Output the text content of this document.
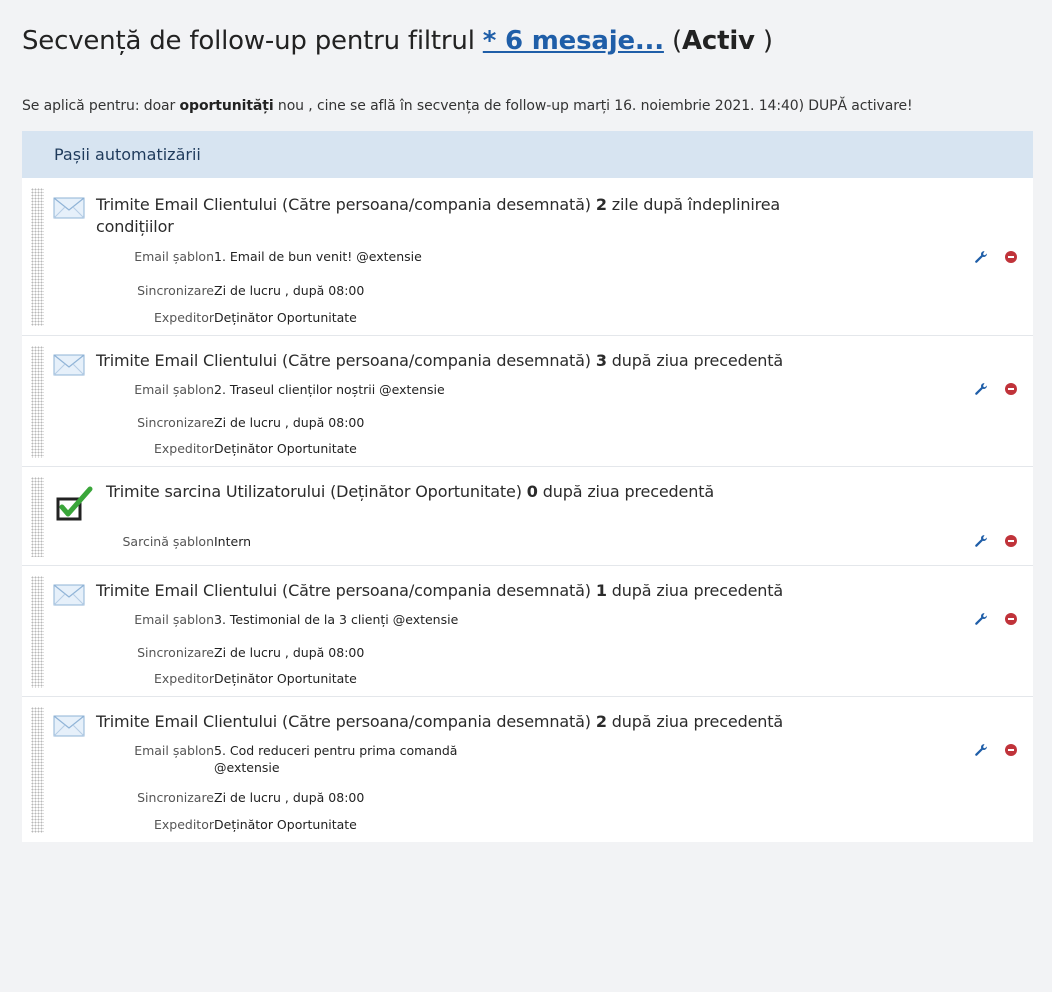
Secvență de follow-up pentru filtrul * 6 mesaje... (Activ )
Se aplică pentru: doar oportunități nou , cine se află în secvența de follow-up marți 16. noiembrie 2021. 14:40) DUPĂ activare!
Pașii automatizării
Trimite Email Clientului (Către persoana/compania desemnată) 2 zile după îndeplinirea condițiilor
Email șablon 1. Email de bun venit! @extensie
Sincronizare Zi de lucru , după 08:00
Expeditor Deținător Oportunitate
Trimite Email Clientului (Către persoana/compania desemnată) 3 după ziua precedentă
Email șablon 2. Traseul clienților noștrii @extensie
Sincronizare Zi de lucru , după 08:00
Expeditor Deținător Oportunitate
Trimite sarcina Utilizatorului (Deținător Oportunitate) 0 după ziua precedentă
Sarcină șablon Intern
Trimite Email Clientului (Către persoana/compania desemnată) 1 după ziua precedentă
Email șablon 3. Testimonial de la 3 clienți @extensie
Sincronizare Zi de lucru , după 08:00
Expeditor Deținător Oportunitate
Trimite Email Clientului (Către persoana/compania desemnată) 2 după ziua precedentă
Email șablon 5. Cod reduceri pentru prima comandă @extensie
Sincronizare Zi de lucru , după 08:00
Expeditor Deținător Oportunitate
